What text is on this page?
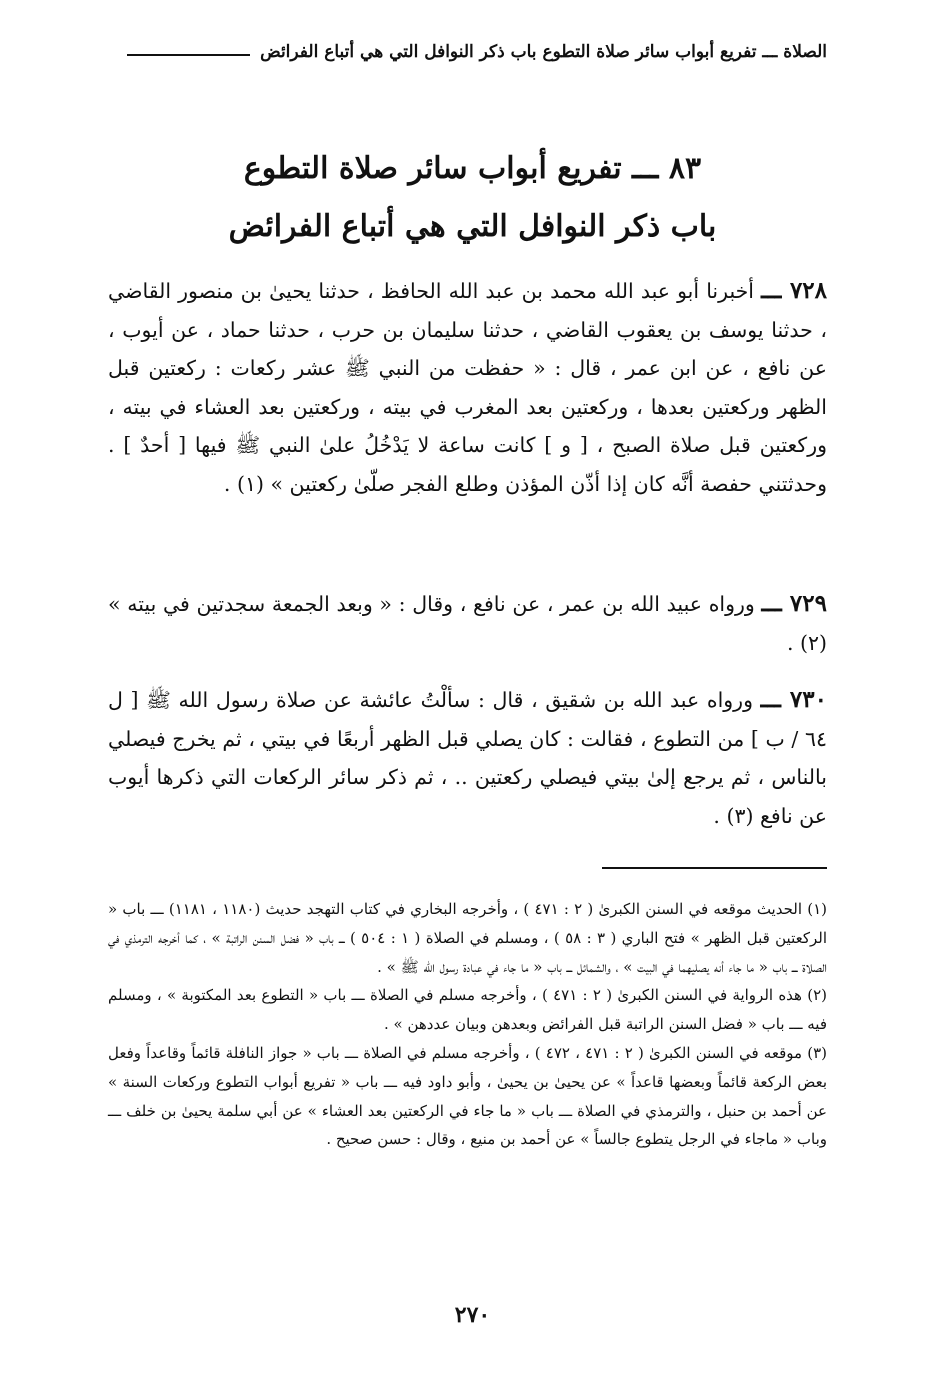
الصلاة ـــ تفريع أبواب سائر صلاة التطوع باب ذكر النوافل التي هي أتباع الفرائض
٨٣ ـــ تفريع أبواب سائر صلاة التطوع
باب ذكر النوافل التي هي أتباع الفرائض
٧٢٨ ـــ أخبرنا أبو عبد الله محمد بن عبد الله الحافظ ، حدثنا يحيىٰ بن منصور القاضي ، حدثنا يوسف بن يعقوب القاضي ، حدثنا سليمان بن حرب ، حدثنا حماد ، عن أيوب ، عن نافع ، عن ابن عمر ، قال : « حفظت من النبي ﷺ عشر ركعات : ركعتين قبل الظهر وركعتين بعدها ، وركعتين بعد المغرب في بيته ، وركعتين بعد العشاء في بيته ، وركعتين قبل صلاة الصبح ، [ و ] كانت ساعة لا يَدْخُلُ علىٰ النبي ﷺ فيها [ أحدٌ ] . وحدثتني حفصة أنَّه كان إذا أذّن المؤذن وطلع الفجر صلّىٰ ركعتين » (١) .
٧٢٩ ـــ ورواه عبيد الله بن عمر ، عن نافع ، وقال : « وبعد الجمعة سجدتين في بيته » (٢) .
٧٣٠ ـــ ورواه عبد الله بن شقيق ، قال : سألْتُ عائشة عن صلاة رسول الله ﷺ [ ل ٦٤ / ب ] من التطوع ، فقالت : كان يصلي قبل الظهر أربعًا في بيتي ، ثم يخرج فيصلي بالناس ، ثم يرجع إلىٰ بيتي فيصلي ركعتين .. ، ثم ذكر سائر الركعات التي ذكرها أيوب عن نافع (٣) .

(١) الحديث موقعه في السنن الكبرىٰ ( ٢ : ٤٧١ ) ، وأخرجه البخاري في كتاب التهجد حديث (١١٨٠ ، ١١٨١) ـــ باب « الركعتين قبل الظهر » فتح الباري ( ٣ : ٥٨ ) ، ومسلم في الصلاة ( ١ : ٥٠٤ ) ـــ باب « فضل السنن الراتبة » ، كما أخرجه الترمذي في الصلاة ـــ باب « ما جاء أنه يصليهما في البيت » ، والشمائل ـــ باب « ما جاء في عبادة رسول الله ﷺ » .

(٢) هذه الرواية في السنن الكبرىٰ ( ٢ : ٤٧١ ) ، وأخرجه مسلم في الصلاة ـــ باب « التطوع بعد المكتوبة » ، ومسلم فيه ـــ باب « فضل السنن الراتبة قبل الفرائض وبعدهن وبيان عددهن » .

(٣) موقعه في السنن الكبرىٰ ( ٢ : ٤٧١ ، ٤٧٢ ) ، وأخرجه مسلم في الصلاة ـــ باب « جواز النافلة قائماً وقاعداً وفعل بعض الركعة قائماً وبعضها قاعداً » عن يحيىٰ بن يحيىٰ ، وأبو داود فيه ـــ باب « تفريع أبواب التطوع وركعات السنة » عن أحمد بن حنبل ، والترمذي في الصلاة ـــ باب « ما جاء في الركعتين بعد العشاء » عن أبي سلمة يحيىٰ بن خلف ـــ وباب « ماجاء في الرجل يتطوع جالساً » عن أحمد بن منيع ، وقال : حسن صحيح .

٢٧٠
